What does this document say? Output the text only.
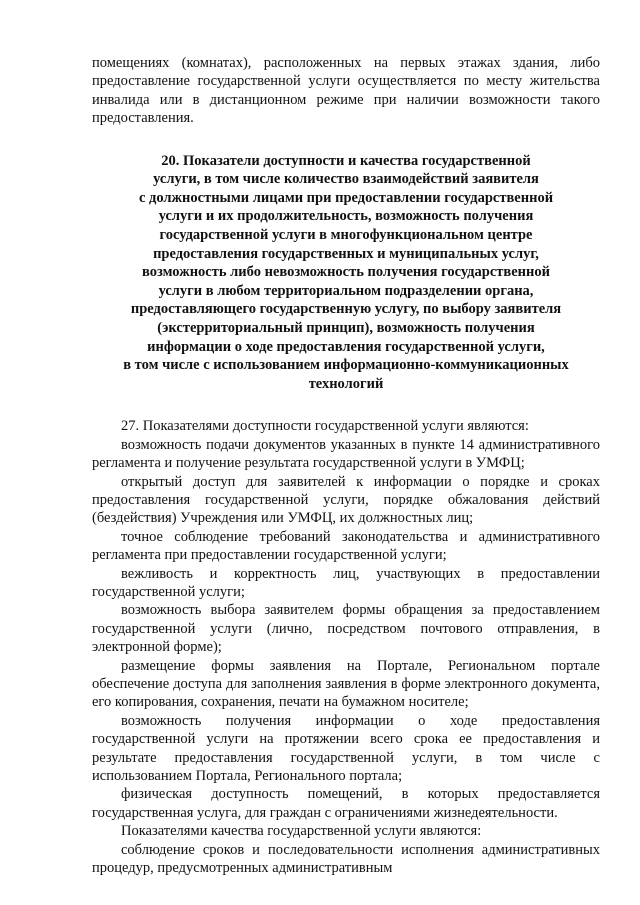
помещениях (комнатах), расположенных на первых этажах здания, либо предоставление государственной услуги осуществляется по месту жительства инвалида или в дистанционном режиме при наличии возможности такого предоставления.

20. Показатели доступности и качества государственной
услуги, в том числе количество взаимодействий заявителя
с должностными лицами при предоставлении государственной
услуги и их продолжительность, возможность получения
государственной услуги в многофункциональном центре
предоставления государственных и муниципальных услуг,
возможность либо невозможность получения государственной
услуги в любом территориальном подразделении органа,
предоставляющего государственную услугу, по выбору заявителя
(экстерриториальный принцип), возможность получения
информации о ходе предоставления государственной услуги,
в том числе с использованием информационно-коммуникационных
технологий

27. Показателями доступности государственной услуги являются:

возможность подачи документов указанных в пункте 14 административного регламента и получение результата государственной услуги в УМФЦ;

открытый доступ для заявителей к информации о порядке и сроках предоставления государственной услуги, порядке обжалования действий (бездействия) Учреждения или УМФЦ, их должностных лиц;

точное соблюдение требований законодательства и административного регламента при предоставлении государственной услуги;

вежливость и корректность лиц, участвующих в предоставлении государственной услуги;

возможность выбора заявителем формы обращения за предоставлением государственной услуги (лично, посредством почтового отправления, в электронной форме);

размещение формы заявления на Портале, Региональном портале обеспечение доступа для заполнения заявления в форме электронного документа, его копирования, сохранения, печати на бумажном носителе;

возможность получения информации о ходе предоставления государственной услуги на протяжении всего срока ее предоставления и результате предоставления государственной услуги, в том числе с использованием Портала, Регионального портала;

физическая доступность помещений, в которых предоставляется государственная услуга, для граждан с ограничениями жизнедеятельности.

Показателями качества государственной услуги являются:

соблюдение сроков и последовательности исполнения административных процедур, предусмотренных административным
